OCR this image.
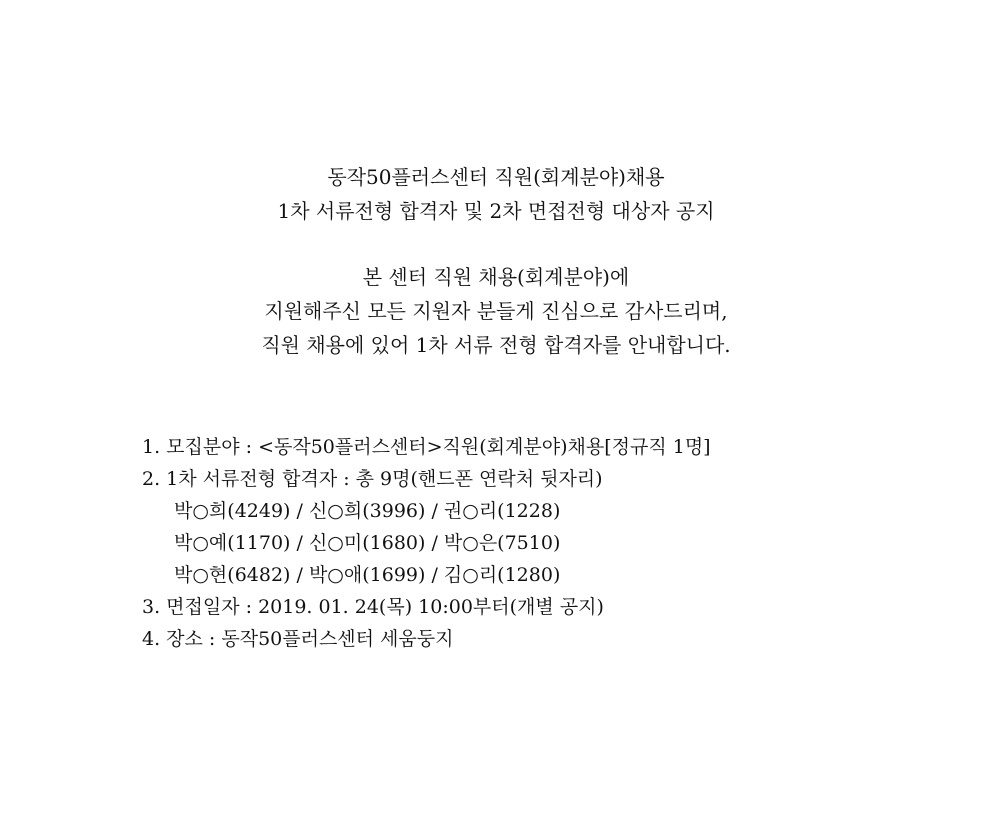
동작50플러스센터 직원(회계분야)채용
1차 서류전형 합격자 및 2차 면접전형 대상자 공지
본 센터 직원 채용(회계분야)에
지원해주신 모든 지원자 분들게 진심으로 감사드리며,
직원 채용에 있어 1차 서류 전형 합격자를 안내합니다.
1. 모집분야 : <동작50플러스센터>직원(회계분야)채용[정규직 1명]
2. 1차 서류전형 합격자 : 총 9명(핸드폰 연락처 뒷자리)
박○희(4249) / 신○희(3996) / 권○리(1228)
박○예(1170) / 신○미(1680) / 박○은(7510)
박○현(6482) / 박○애(1699) / 김○리(1280)
3. 면접일자 : 2019. 01. 24(목) 10:00부터(개별 공지)
4. 장소 : 동작50플러스센터 세움둥지
